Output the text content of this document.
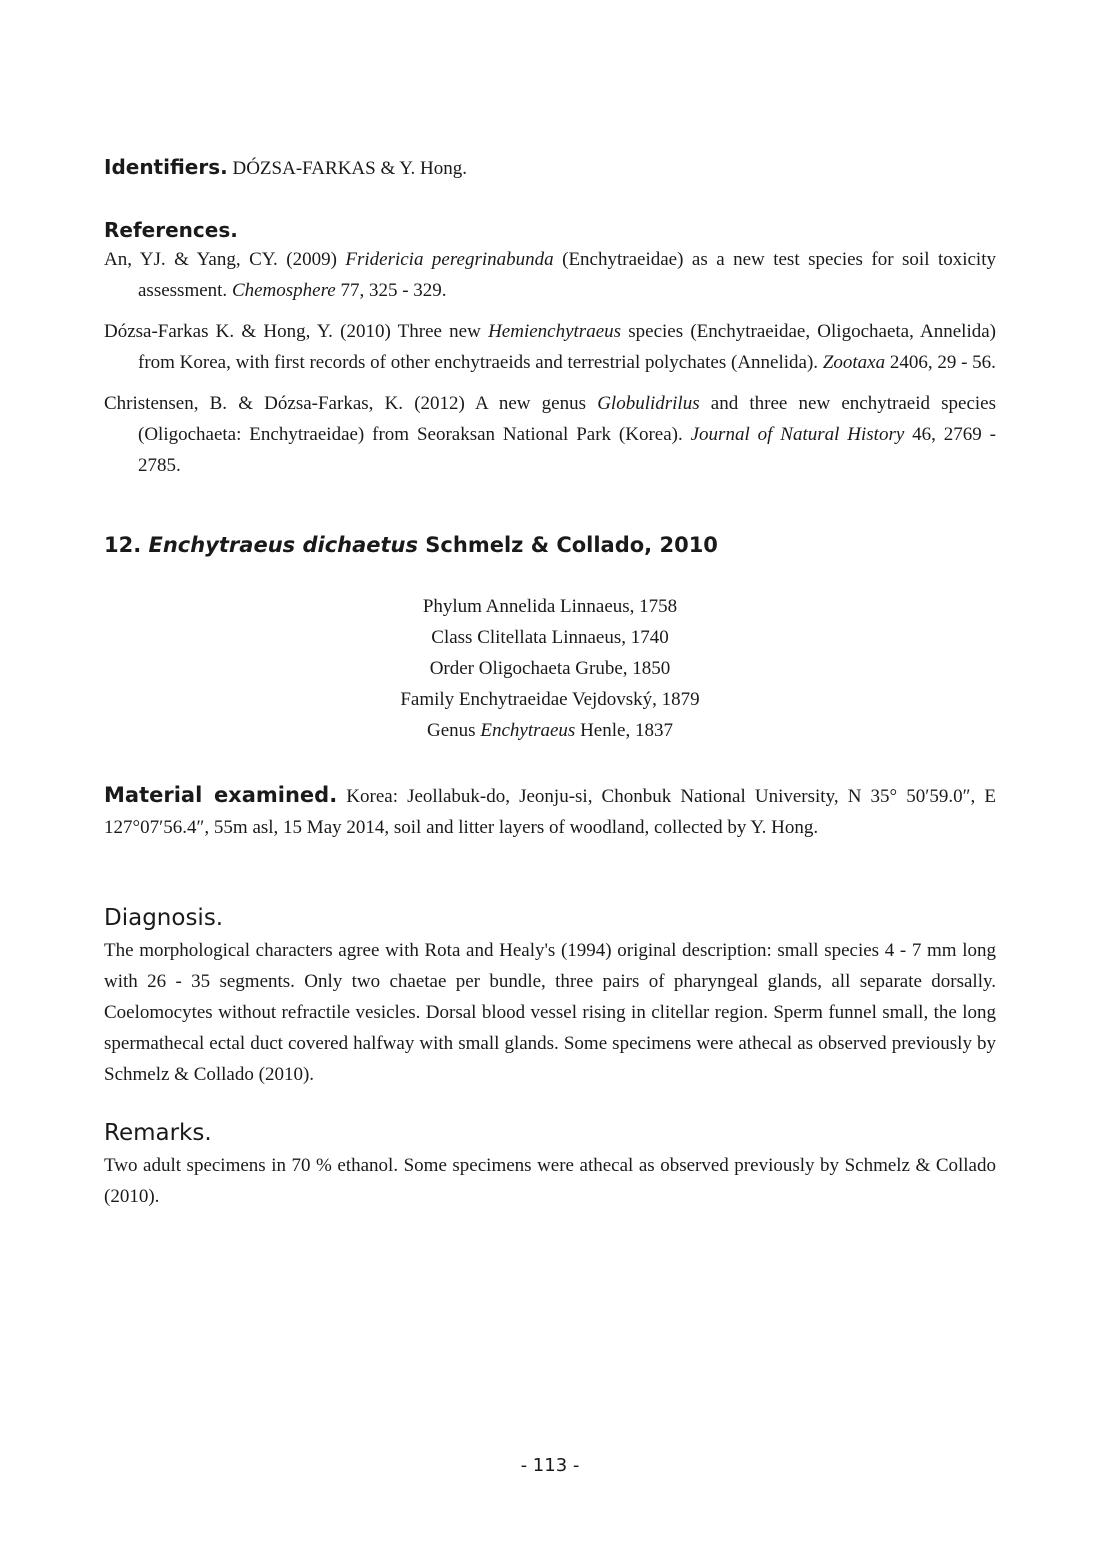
Identifiers. DÓZSA-FARKAS & Y. Hong.

References.

An, YJ. & Yang, CY. (2009) Fridericia peregrinabunda (Enchytraeidae) as a new test species for soil toxicity assessment. Chemosphere 77, 325 - 329.

Dózsa-Farkas K. & Hong, Y. (2010) Three new Hemienchytraeus species (Enchytraeidae, Oligochaeta, Annelida) from Korea, with first records of other enchytraeids and terrestrial polychates (Annelida). Zootaxa 2406, 29 - 56.

Christensen, B. & Dózsa-Farkas, K. (2012) A new genus Globulidrilus and three new enchytraeid species (Oligochaeta: Enchytraeidae) from Seoraksan National Park (Korea). Journal of Natural History 46, 2769 - 2785.

12. Enchytraeus dichaetus Schmelz & Collado, 2010
Phylum Annelida Linnaeus, 1758
Class Clitellata Linnaeus, 1740
Order Oligochaeta Grube, 1850
Family Enchytraeidae Vejdovský, 1879
Genus Enchytraeus Henle, 1837

Material examined. Korea: Jeollabuk-do, Jeonju-si, Chonbuk National University, N 35° 50′59.0″, E 127°07′56.4″, 55m asl, 15 May 2014, soil and litter layers of woodland, collected by Y. Hong.

Diagnosis.

The morphological characters agree with Rota and Healy's (1994) original description: small species 4 - 7 mm long with 26 - 35 segments. Only two chaetae per bundle, three pairs of pharyngeal glands, all separate dorsally. Coelomocytes without refractile vesicles. Dorsal blood vessel rising in clitellar region. Sperm funnel small, the long spermathecal ectal duct covered halfway with small glands. Some specimens were athecal as observed previously by Schmelz & Collado (2010).

Remarks.

Two adult specimens in 70 % ethanol. Some specimens were athecal as observed previously by Schmelz & Collado (2010).

- 113 -
